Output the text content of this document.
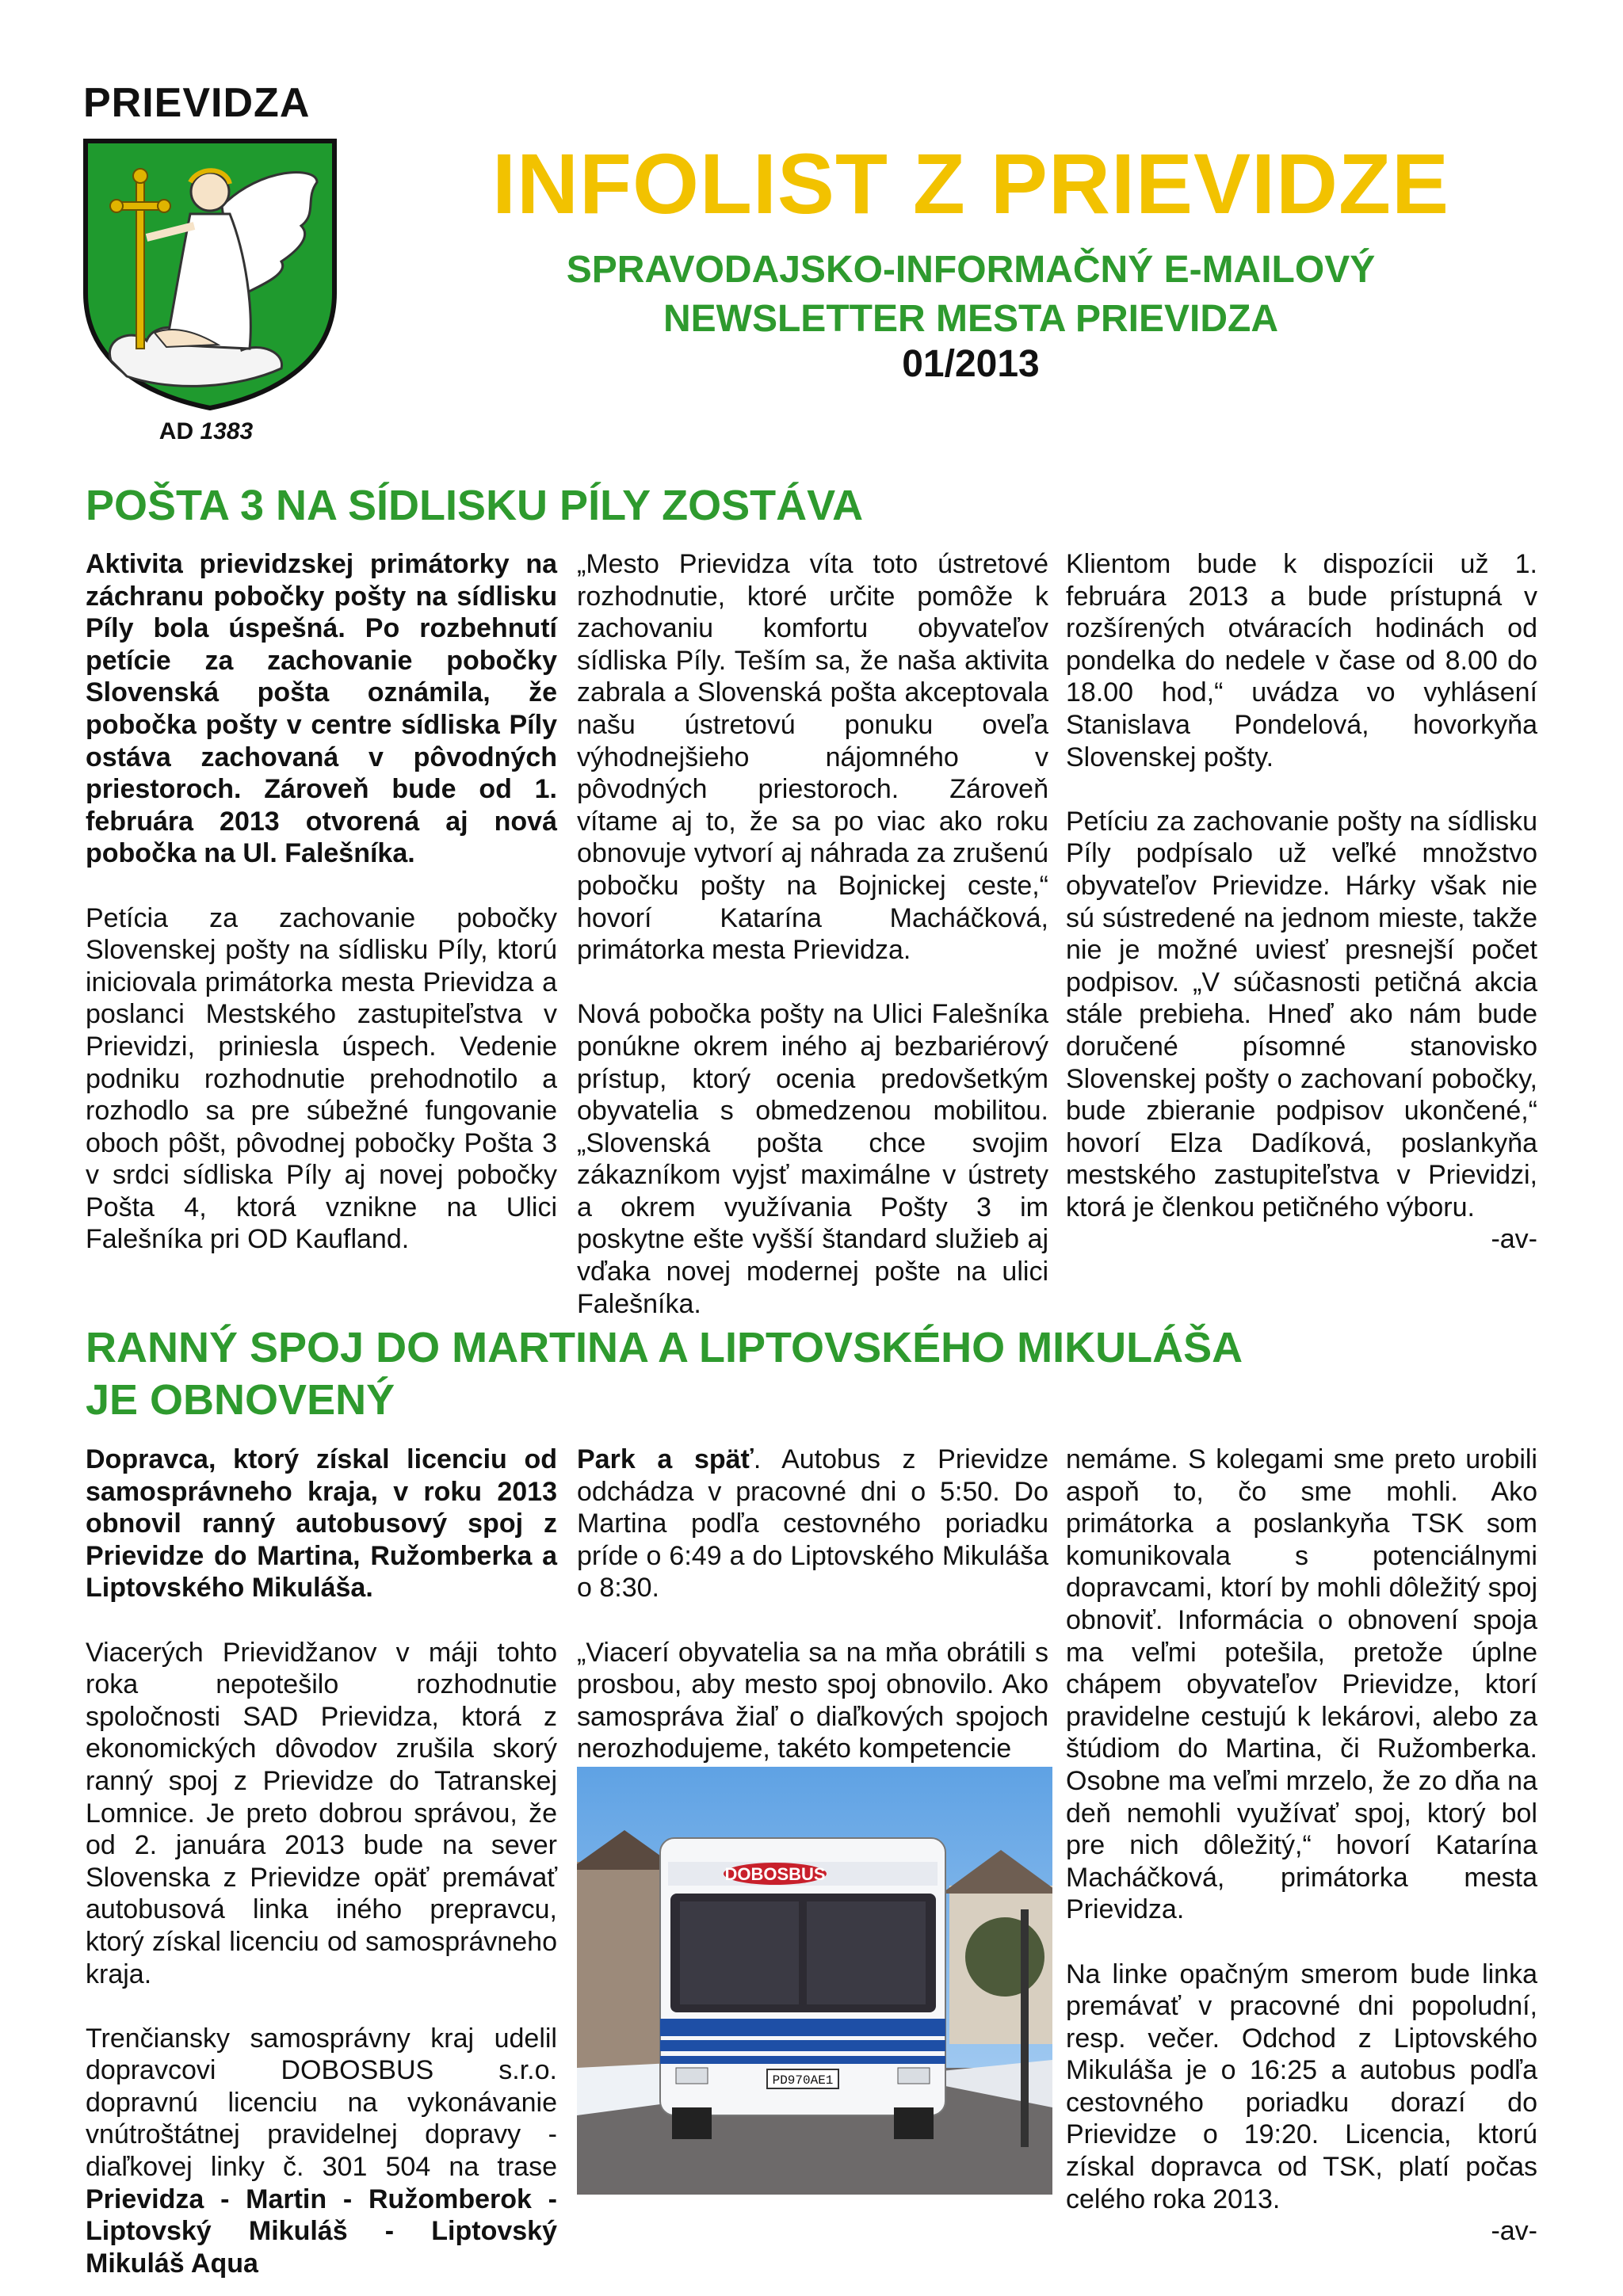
PRIEVIDZA
AD 1383
INFOLIST Z PRIEVIDZE
SPRAVODAJSKO-INFORMAČNÝ E-MAILOVÝ
NEWSLETTER MESTA PRIEVIDZA
01/2013
POŠTA 3 NA SÍDLISKU PÍLY ZOSTÁVA

Aktivita prievidzskej primátorky na záchranu pobočky pošty na sídlisku Píly bola úspešná. Po rozbehnutí petície za zachovanie pobočky Slovenská pošta oznámila, že pobočka pošty v centre sídliska Píly ostáva zachovaná v pôvodných priestoroch. Zároveň bude od 1. februára 2013 otvorená aj nová pobočka na Ul. Falešníka.

Petícia za zachovanie pobočky Slovenskej pošty na sídlisku Píly, ktorú iniciovala primátorka mesta Prievidza a poslanci Mestského zastupiteľstva v Prievidzi, priniesla úspech. Vedenie podniku rozhodnutie prehodnotilo a rozhodlo sa pre súbežné fungovanie oboch pôšt, pôvodnej pobočky Pošta 3 v srdci sídliska Píly aj novej pobočky Pošta 4, ktorá vznikne na Ulici Falešníka pri OD Kaufland.

„Mesto Prievidza víta toto ústretové rozhodnutie, ktoré určite pomôže k zachovaniu komfortu obyvateľov sídliska Píly. Teším sa, že naša aktivita zabrala a Slovenská pošta akceptovala našu ústretovú ponuku oveľa výhodnejšieho nájomného v pôvodných priestoroch. Zároveň vítame aj to, že sa po viac ako roku obnovuje vytvorí aj náhrada za zrušenú pobočku pošty na Bojnickej ceste,“ hovorí Katarína Macháčková, primátorka mesta Prievidza.

Nová pobočka pošty na Ulici Falešníka ponúkne okrem iného aj bezbariérový prístup, ktorý ocenia predovšetkým obyvatelia s obmedzenou mobilitou. „Slovenská pošta chce svojim zákazníkom vyjsť maximálne v ústrety a okrem využívania Pošty 3 im poskytne ešte vyšší štandard služieb aj vďaka novej modernej pošte na ulici Falešníka.

Klientom bude k dispozícii už 1. februára 2013 a bude prístupná v rozšírených otváracích hodinách od pondelka do nedele v čase od 8.00 do 18.00 hod,“ uvádza vo vyhlásení Stanislava Pondelová, hovorkyňa Slovenskej pošty.

Petíciu za zachovanie pošty na sídlisku Píly podpísalo už veľké množstvo obyvateľov Prievidze. Hárky však nie sú sústredené na jednom mieste, takže nie je možné uviesť presnejší počet podpisov. „V súčasnosti petičná akcia stále prebieha. Hneď ako nám bude doručené písomné stanovisko Slovenskej pošty o zachovaní pobočky, bude zbieranie podpisov ukončené,“ hovorí Elza Dadíková, poslankyňa mestského zastupiteľstva v Prievidzi, ktorá je členkou petičného výboru.

-av-

RANNÝ SPOJ DO MARTINA A LIPTOVSKÉHO MIKULÁŠA
JE OBNOVENÝ

Dopravca, ktorý získal licenciu od samosprávneho kraja, v roku 2013 obnovil ranný autobusový spoj z Prievidze do Martina, Ružomberka a Liptovského Mikuláša.

Viacerých Prievidžanov v máji tohto roka nepotešilo rozhodnutie spoločnosti SAD Prievidza, ktorá z ekonomických dôvodov zrušila skorý ranný spoj z Prievidze do Tatranskej Lomnice. Je preto dobrou správou, že od 2. januára 2013 bude na sever Slovenska z Prievidze opäť premávať autobusová linka iného prepravcu, ktorý získal licenciu od samosprávneho kraja.

Trenčiansky samosprávny kraj udelil dopravcovi DOBOSBUS s.r.o. dopravnú licenciu na vykonávanie vnútroštátnej pravidelnej dopravy - diaľkovej linky č. 301 504 na trase Prievidza - Martin - Ružomberok - Liptovský Mikuláš - Liptovský Mikuláš Aqua

Park a späť. Autobus z Prievidze odchádza v pracovné dni o 5:50. Do Martina podľa cestovného poriadku príde o 6:49 a do Liptovského Mikuláša o 8:30.

„Viacerí obyvatelia sa na mňa obrátili s prosbou, aby mesto spoj obnovilo. Ako samospráva žiaľ o diaľkových spojoch nerozhodujeme, takéto kompetencie

DOBOSBUS
PD970AE1

nemáme. S kolegami sme preto urobili aspoň to, čo sme mohli. Ako primátorka a poslankyňa TSK som komunikovala s potenciálnymi dopravcami, ktorí by mohli dôležitý spoj obnoviť. Informácia o obnovení spoja ma veľmi potešila, pretože úplne chápem obyvateľov Prievidze, ktorí pravidelne cestujú k lekárovi, alebo za štúdiom do Martina, či Ružomberka. Osobne ma veľmi mrzelo, že zo dňa na deň nemohli využívať spoj, ktorý bol pre nich dôležitý,“ hovorí Katarína Macháčková, primátorka mesta Prievidza.

Na linke opačným smerom bude linka premávať v pracovné dni popoludní, resp. večer. Odchod z Liptovského Mikuláša je o 16:25 a autobus podľa cestovného poriadku dorazí do Prievidze o 19:20. Licencia, ktorú získal dopravca od TSK, platí počas celého roka 2013.

-av-
